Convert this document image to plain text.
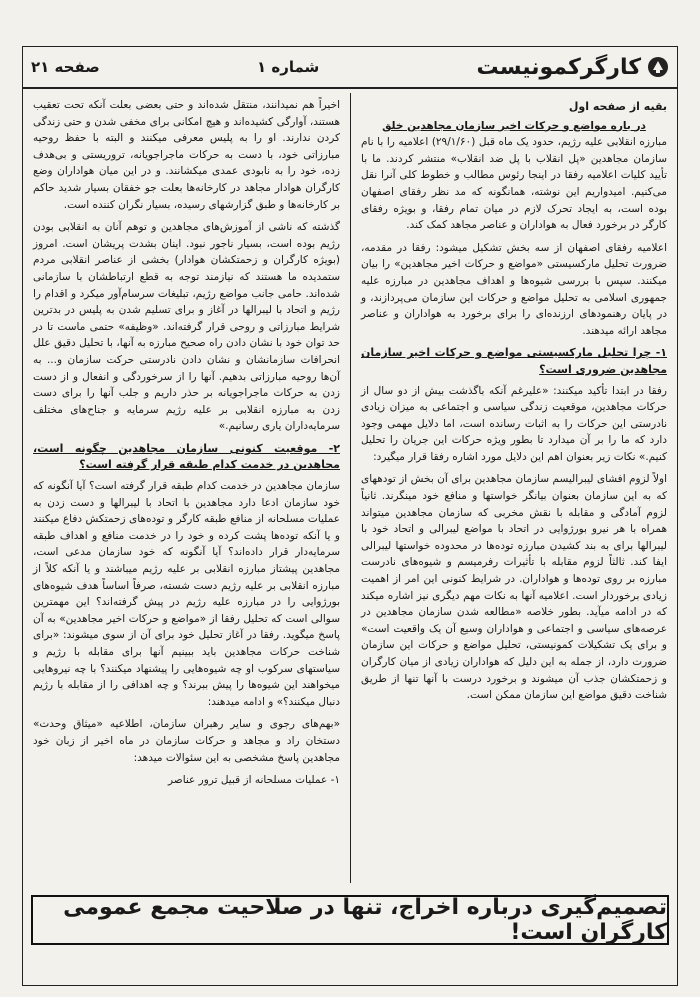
کارگرکمونیست
شماره ۱
صفحه ۲۱
بقیه از صفحه اول
در باره مواضع و حرکات اخیر سازمان مجاهدین خلق

مبارزه انقلابی علیه رژیم، حدود یک ماه قبل (۲۹/۱/۶۰) اعلامیه را با نام سازمان مجاهدین «پل انقلاب با پل ضد انقلاب» منتشر کردند. ما با تأیید کلیات اعلامیه رفقا در اینجا رئوس مطالب و خطوط کلی آنرا نقل می‌کنیم. امیدواریم این نوشته، همانگونه که مد نظر رفقای اصفهان بوده است، به ایجاد تحرک لازم در میان تمام رفقا، و بویژه رفقای کارگر در برخورد فعال به هواداران و عناصر مجاهد کمک کند.

اعلامیه رفقای اصفهان از سه بخش تشکیل میشود: رفقا در مقدمه، ضرورت تحلیل مارکسیستی «مواضع و حرکات اخیر مجاهدین» را بیان میکنند. سپس با بررسی شیوه‌ها و اهداف مجاهدین در مبارزه علیه جمهوری اسلامی به تحلیل مواضع و حرکات این سازمان می‌پردازند، و در پایان رهنمودهای ارزنده‌ای را برای برخورد به هواداران و عناصر مجاهد ارائه میدهند.

۱- چرا تحلیل مارکسیستی مواضع و حرکات اخیر سازمان مجاهدین ضروری است؟

رفقا در ابتدا تأکید میکنند: «علیرغم آنکه باگذشت بیش از دو سال از حرکات مجاهدین، موقعیت زندگی سیاسی و اجتماعی به میزان زیادی نادرستی این حرکات را به اثبات رسانده است، اما دلایل مهمی وجود دارد که ما را بر آن میدارد تا بطور ویژه حرکات این جریان را تحلیل کنیم.» نکات زیر بعنوان اهم این دلایل مورد اشاره رفقا قرار میگیرد:

اولاً لزوم افشای لیبرالیسم سازمان مجاهدین برای آن بخش از تودههای که به این سازمان بعنوان بیانگر خواستها و منافع خود مینگرند. ثانیاً لزوم آمادگی و مقابله با نقش مخربی که سازمان مجاهدین میتواند همراه با هر نیرو بورژوایی در اتحاد با مواضع لیبرالی و اتحاد خود با لیبرالها برای به بند کشیدن مبارزه توده‌ها در محدوده خواستها لیبرالی ایفا کند. ثالثاً لزوم مقابله با تأثیرات رفرمیسم و شیوه‌های نادرست مبارزه بر روی توده‌ها و هواداران. در شرایط کنونی این امر از اهمیت زیادی برخوردار است. اعلامیه آنها به نکات مهم دیگری نیز اشاره میکند که در ادامه میآید. بطور خلاصه «مطالعه شدن سازمان مجاهدین در عرصه‌های سیاسی و اجتماعی و هواداران وسیع آن یک واقعیت است» و برای یک تشکیلات کمونیستی، تحلیل مواضع و حرکات این سازمان ضرورت دارد، از جمله به این دلیل که هواداران زیادی از میان کارگران و زحمتکشان جذب آن میشوند و برخورد درست با آنها تنها از طریق شناخت دقیق مواضع این سازمان ممکن است.

اخیراً هم نمیدانند، منتقل شده‌اند و حتی بعضی بعلت آنکه تحت تعقیب هستند، آوارگی کشیده‌اند و هیچ امکانی برای مخفی شدن و حتی زندگی کردن ندارند. او را به پلیس معرفی میکنند و البته با حفظ روحیه مبارزاتی خود، با دست به حرکات ماجراجویانه، تروریستی و بی‌هدف زده، خود را به نابودی عمدی میکشانند. و در این میان هواداران وضع کارگران هوادار مجاهد در کارخانه‌ها بعلت جو خفقان بسیار شدید حاکم بر کارخانه‌ها و طبق گزارشهای رسیده، بسیار نگران کننده است.

گذشته که ناشی از آموزش‌های مجاهدین و توهم آنان به انقلابی بودن رژیم بوده است، بسیار ناجور نبود. اینان بشدت پریشان است. امروز (بویژه کارگران و زحمتکشان هوادار) بخشی از عناصر انقلابی مردم ستمدیده ما هستند که نیازمند توجه به قطع ارتباطشان با سازمانی شده‌اند. حامی جانب مواضع رژیم، تبلیغات سرسام‌آور میکرد و اقدام را رژیم و اتحاد با لیبرالها در آغاز و برای تسلیم شدن به پلیس در بدترین شرایط مبارزاتی و روحی قرار گرفته‌اند. «وظیفه» حتمی ماست تا در حد توان خود با نشان دادن راه صحیح مبارزه به آنها، با تحلیل دقیق علل انحرافات سازمانشان و نشان دادن نادرستی حرکت سازمان و... به آن‌ها روحیه مبارزاتی بدهیم. آنها را از سرخوردگی و انفعال و از دست زدن به حرکات ماجراجویانه بر حذر داریم و جلب آنها را برای دست زدن به مبارزه انقلابی بر علیه رژیم سرمایه و جناح‌های مختلف سرمایه‌داران یاری رسانیم.»

۲- موقعیت کنونی سازمان مجاهدین چگونه است، مجاهدین در خدمت کدام طبقه قرار گرفته است؟

سازمان مجاهدین در خدمت کدام طبقه قرار گرفته است؟ آیا آنگونه که خود سازمان ادعا دارد مجاهدین با اتحاد با لیبرالها و دست زدن به عملیات مسلحانه از منافع طبقه کارگر و توده‌های زحمتکش دفاع میکنند و یا آنکه توده‌ها پشت کرده و خود را در خدمت منافع و اهداف طبقه سرمایه‌دار قرار داده‌اند؟ آیا آنگونه که خود سازمان مدعی است، مجاهدین پیشتاز مبارزه انقلابی بر علیه رژیم میباشند و یا آنکه کلاً از مبارزه انقلابی بر علیه رژیم دست شسته، صرفاً اساساً هدف شیوه‌های بورژوایی را در مبارزه علیه رژیم در پیش گرفته‌اند؟ این مهمترین سوالی است که تحلیل رفقا از «مواضع و حرکات اخیر مجاهدین» به آن پاسخ میگوید. رفقا در آغاز تحلیل خود برای آن از سوی میشوند: «برای شناخت حرکات مجاهدین باید ببینیم آنها برای مقابله با رژیم و سیاستهای سرکوب او چه شیوه‌هایی را پیشنهاد میکنند؟ با چه نیروهایی میخواهند این شیوه‌ها را پیش ببرند؟ و چه اهدافی را از مقابله با رژیم دنبال میکنند؟» و ادامه میدهند:

«بهم‌های رجوی و سایر رهبران سازمان، اطلاعیه «میثاق وحدت» دستخان راد و مجاهد و حرکات سازمان در ماه اخیر از زبان خود مجاهدین پاسخ مشخصی به این سئوالات میدهد:

۱- عملیات مسلحانه از قبیل ترور عناصر

تصمیم‌گیری درباره اخراج، تنها در صلاحیت مجمع عمومی کارگران است!
